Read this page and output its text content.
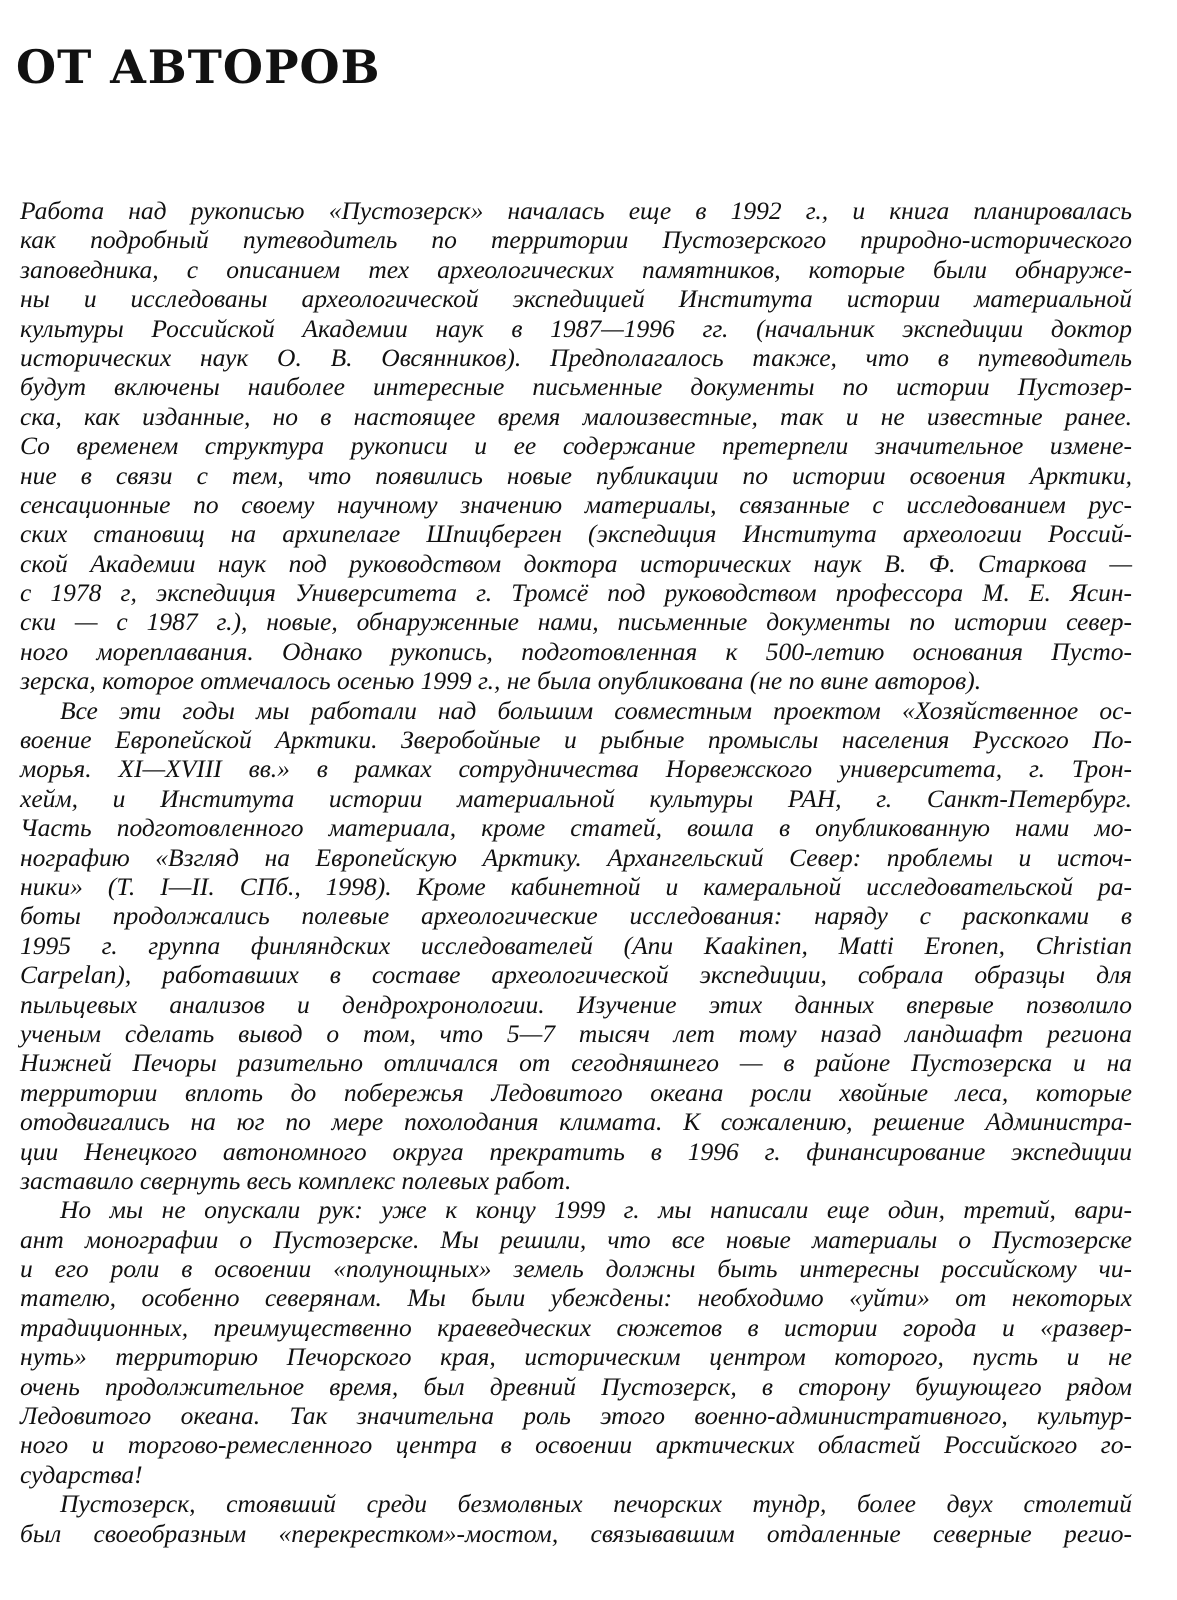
ОТ АВТОРОВ
Работа над рукописью «Пустозерск» началась еще в 1992 г., и книга планировалась
как подробный путеводитель по территории Пустозерского природно-исторического
заповедника, с описанием тех археологических памятников, которые были обнаруже-
ны и исследованы археологической экспедицией Института истории материальной
культуры Российской Академии наук в 1987—1996 гг. (начальник экспедиции доктор
исторических наук О. В. Овсянников). Предполагалось также, что в путеводитель
будут включены наиболее интересные письменные документы по истории Пустозер-
ска, как изданные, но в настоящее время малоизвестные, так и не известные ранее.
Со временем структура рукописи и ее содержание претерпели значительное измене-
ние в связи с тем, что появились новые публикации по истории освоения Арктики,
сенсационные по своему научному значению материалы, связанные с исследованием рус-
ских становищ на архипелаге Шпицберген (экспедиция Института археологии Россий-
ской Академии наук под руководством доктора исторических наук В. Ф. Старкова —
с 1978 г, экспедиция Университета г. Тромсё под руководством профессора М. Е. Ясин-
ски — с 1987 г.), новые, обнаруженные нами, письменные документы по истории север-
ного мореплавания. Однако рукопись, подготовленная к 500-летию основания Пусто-
зерска, которое отмечалось осенью 1999 г., не была опубликована (не по вине авторов).
Все эти годы мы работали над большим совместным проектом «Хозяйственное ос-
воение Европейской Арктики. Зверобойные и рыбные промыслы населения Русского По-
морья. XI—XVIII вв.» в рамках сотрудничества Норвежского университета, г. Трон-
хейм, и Института истории материальной культуры РАН, г. Санкт-Петербург.
Часть подготовленного материала, кроме статей, вошла в опубликованную нами мо-
нографию «Взгляд на Европейскую Арктику. Архангельский Север: проблемы и источ-
ники» (Т. I—II. СПб., 1998). Кроме кабинетной и камеральной исследовательской ра-
боты продолжались полевые археологические исследования: наряду с раскопками в
1995 г. группа финляндских исследователей (Anu Kaakinen, Matti Eronen, Christian
Carpelan), работавших в составе археологической экспедиции, собрала образцы для
пыльцевых анализов и дендрохронологии. Изучение этих данных впервые позволило
ученым сделать вывод о том, что 5—7 тысяч лет тому назад ландшафт региона
Нижней Печоры разительно отличался от сегодняшнего — в районе Пустозерска и на
территории вплоть до побережья Ледовитого океана росли хвойные леса, которые
отодвигались на юг по мере похолодания климата. К сожалению, решение Администра-
ции Ненецкого автономного округа прекратить в 1996 г. финансирование экспедиции
заставило свернуть весь комплекс полевых работ.
Но мы не опускали рук: уже к концу 1999 г. мы написали еще один, третий, вари-
ант монографии о Пустозерске. Мы решили, что все новые материалы о Пустозерске
и его роли в освоении «полунощных» земель должны быть интересны российскому чи-
тателю, особенно северянам. Мы были убеждены: необходимо «уйти» от некоторых
традиционных, преимущественно краеведческих сюжетов в истории города и «развер-
нуть» территорию Печорского края, историческим центром которого, пусть и не
очень продолжительное время, был древний Пустозерск, в сторону бушующего рядом
Ледовитого океана. Так значительна роль этого военно-административного, культур-
ного и торгово-ремесленного центра в освоении арктических областей Российского го-
сударства!
Пустозерск, стоявший среди безмолвных печорских тундр, более двух столетий
был своеобразным «перекрестком»-мостом, связывавшим отдаленные северные регио-
